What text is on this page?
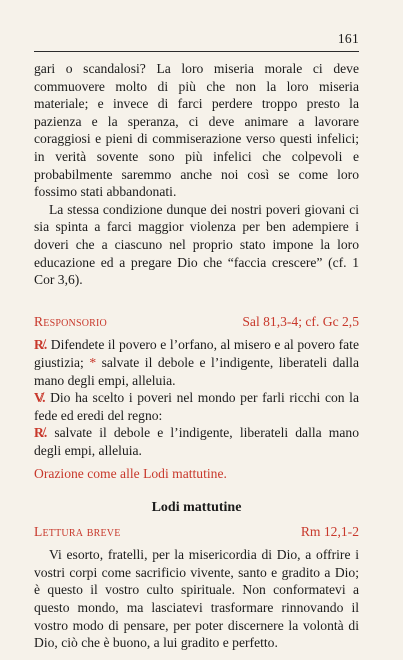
161

gari o scandalosi? La loro miseria morale ci deve commuovere molto di più che non la loro miseria materiale; e invece di farci perdere troppo presto la pazienza e la speranza, ci deve animare a lavorare coraggiosi e pieni di commiserazione verso questi infelici; in verità sovente sono più infelici che colpevoli e probabilmente saremmo anche noi così se come loro fossimo stati abbandonati.

La stessa condizione dunque dei nostri poveri giovani ci sia spinta a farci maggior violenza per ben adempiere i doveri che a ciascuno nel proprio stato impone la loro educazione ed a pregare Dio che “faccia crescere” (cf. 1 Cor 3,6).

Responsorio	Sal 81,3-4; cf. Gc 2,5

R̸. Difendete il povero e l’orfano, al misero e al povero fate giustizia; * salvate il debole e l’indigente, liberateli dalla mano degli empi, alleluia.

V̸. Dio ha scelto i poveri nel mondo per farli ricchi con la fede ed eredi del regno:

R̸. salvate il debole e l’indigente, liberateli dalla mano degli empi, alleluia.

Orazione come alle Lodi mattutine.

Lodi mattutine

Lettura breve	Rm 12,1-2

Vi esorto, fratelli, per la misericordia di Dio, a offrire i vostri corpi come sacrificio vivente, santo e gradito a Dio; è questo il vostro culto spirituale. Non conformatevi a questo mondo, ma lasciatevi trasformare rinnovando il vostro modo di pensare, per poter discernere la volontà di Dio, ciò che è buono, a lui gradito e perfetto.
